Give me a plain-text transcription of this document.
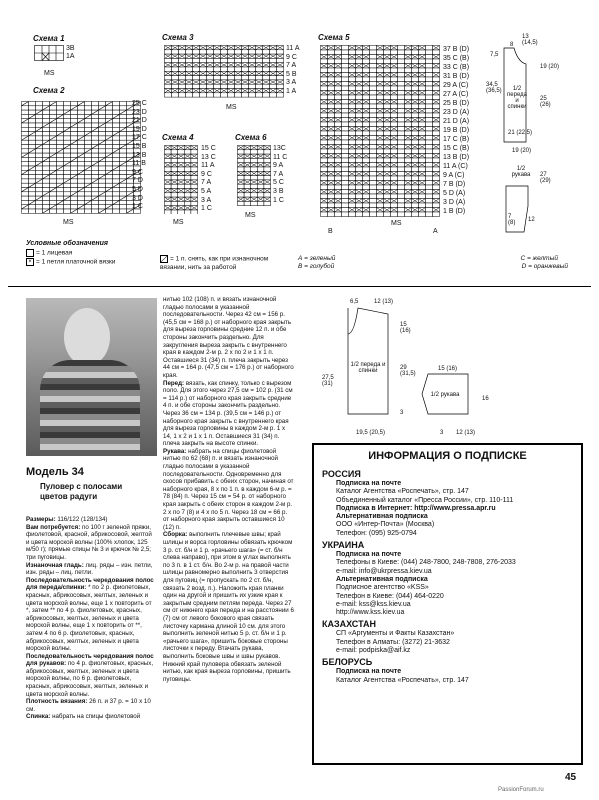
Схема 1
3В
1А
MS
Схема 2
25 С
23 D
21 D
19 D
17 C
15 B
13 B
11 B
9 C
7 D
5 D
3 D
1 C
MS
Схема 3
11 A
9 C
7 A
5 B
3 A
1 A
MS
Схема 4
15 C
13 C
11 A
9 C
7 A
5 A
3 A
1 C
MS
Схема 6
13C
11 C
9 A
7 A
5 C
3 B
1 C
MS
Схема 5
37 B (D)
35 C (B)
33 C (B)
31 B (D)
29 A (C)
27 A (C)
25 B (D)
23 D (A)
21 D (A)
19 B (D)
17 C (B)
15 C (B)
13 B (D)
11 A (C)
9 A (C)
7 B (D)
5 D (A)
3 D (A)
1 B (D)
MS
B	A
13 (14,5)
8
7,5
19 (20)
34,5 (36,5)	1/2 переда и спинки
25 (26)
21 (22,5)
19 (20)
1/2 рукава 27 (29)
7 (8)	12
Условные обозначения
= 1 лицевая
× = 1 петля платочной вязки	= 1 п. снять, как при изнаночном вязании, нить за работой
А = зеленый	С = желтый
В = голубой	D = оранжевый
Модель 34
Пуловер с полосами цветов радуги

Размеры: 116/122 (128/134)

Вам потребуется: по 100 г зеленой пряжи, фиолетовой, красной, абрикосовой, желтой и цвета морской волны (100% хлопок, 125 м/50 г); прямые спицы № 3 и крючок № 2,5; три пуговицы.

Изнаночная гладь: лиц. ряды – изн. петли, изн. ряды – лиц. петли.

Последовательность чередования полос для переда/спинки: * по 2 р. фиолетовых, красных, абрикосовых, желтых, зеленых и цвета морской волны, еще 1 х повторить от *, затем ** по 4 р. фиолетовых, красных, абрикосовых, желтых, зеленых и цвета морской волны, еще 1 х повторить от **, затем 4 по 6 р. фиолетовых, красных, абрикосовых, желтых, зеленых и цвета морской волны.

Последовательность чередования полос для рукавов: по 4 р. фиолетовых, красных, абрикосовых, желтых, зеленых и цвета морской волны, по 6 р. фиолетовых, красных, абрикосовых, желтых, зеленых и цвета морской волны.

Плотность вязания: 26 п. и 37 р. = 10 х 10 см.

Спинка: набрать на спицы фиолетовой

нитью 102 (108) п. и вязать изнаночной гладью полосами в указанной последовательности. Через 42 см = 156 р. (45,5 см = 168 р.) от наборного края закрыть для выреза горловины средние 12 п. и обе стороны закончить раздельно. Для закругления выреза закрыть с внутреннего края в каждом 2-м р. 2 х по 2 и 1 х 1 п. Оставшиеся 31 (34) п. плеча закрыть через 44 см = 164 р. (47,5 см = 176 р.) от наборного края.

Перед: вязать, как спинку, только с вырезом поло. Для этого через 27,5 см = 102 р. (31 см = 114 р.) от наборного края закрыть средние 4 п. и обе стороны закончить раздельно. Через 36 см = 134 р. (39,5 см = 146 р.) от наборного края закрыть с внутреннего края для выреза горловины в каждом 2-м р. 1 х 14, 1 х 2 и 1 х 1 п. Оставшиеся 31 (34) п. плеча закрыть на высоте спинки.

Рукава: набрать на спицы фиолетовой нитью по 62 (68) п. и вязать изнаночной гладью полосами в указанной последовательности. Одновременно для скосов прибавить с обеих сторон, начиная от наборного края, 8 х по 1 п. в каждом 6-м р. = 78 (84) п. Через 15 см = 54 р. от наборного края закрыть с обеих сторон в каждом 2-м р. 2 х по 7 (8) и 4 х по 5 п. Через 18 см = 66 р. от наборного края закрыть оставшиеся 10 (12) п.

Сборка: выполнить плечевые швы; край шлицы и ворса горловины обвязать крючком 3 р. ст. б/н и 1 р. «рачьего шага» (= ст. б/н слева направо), при этом в углах выполнять по 3 п. в 1 ст. б/н. Во 2-м р. на правой части шлицы равномерно выполнить 3 отверстия для пуговиц (= пропускать по 2 ст. б/н, связать 2 возд. п.). Наложить края планки один на другой и пришить их узкие края к закрытым средним петлям переда. Через 27 см от нижнего края переда и на расстоянии 6 (7) см от левого бокового края связать листочку кармана длиной 10 см. для этого выполнить зеленой нитью 5 р. ст. б/н и 1 р. «рачьего шага», пришить боковые стороны листочки к переду. Втачать рукава, выполнить боковые швы и швы рукавов. Нижний край пуловера обвязать зеленой нитью, как края выреза горловины, пришить пуговицы.

6,5	12 (13)
15 (16)
1/2 переда и спинки	29 (31,5)
27,5 (31)
3
19,5 (20,5)
15 (16)
1/2 рукава
16
3 12 (13)
ИНФОРМАЦИЯ О ПОДПИСКЕ
РОССИЯ
Подписка на почте
Каталог Агентства «Роспечать», стр. 147
Объединенный каталог «Пресса России», стр. 110-111
Подписка в Интернет: http://www.pressa.apr.ru
Альтернативная подписка
ООО «Интер-Почта» (Москва)
Телефон: (095) 925-0794
УКРАИНА
Подписка на почте
Телефоны в Киеве: (044) 248-7800, 248-7808, 276-2033
e-mail: info@ukrpressa.kiev.ua
Альтернативная подписка
Подписное агентство «KSS»
Телефон в Киеве: (044) 464-0220
e-mail: kss@kss.kiev.ua
http://www.kss.kiev.ua
КАЗАХСТАН
СП «Аргументы и Факты Казахстан»
Телефон в Алматы: (3272) 21-3632
e-mail: podpiska@aif.kz
БЕЛОРУСЬ
Подписка на почте
Каталог Агентства «Роспечать», стр. 147
45
PassionForum.ru
